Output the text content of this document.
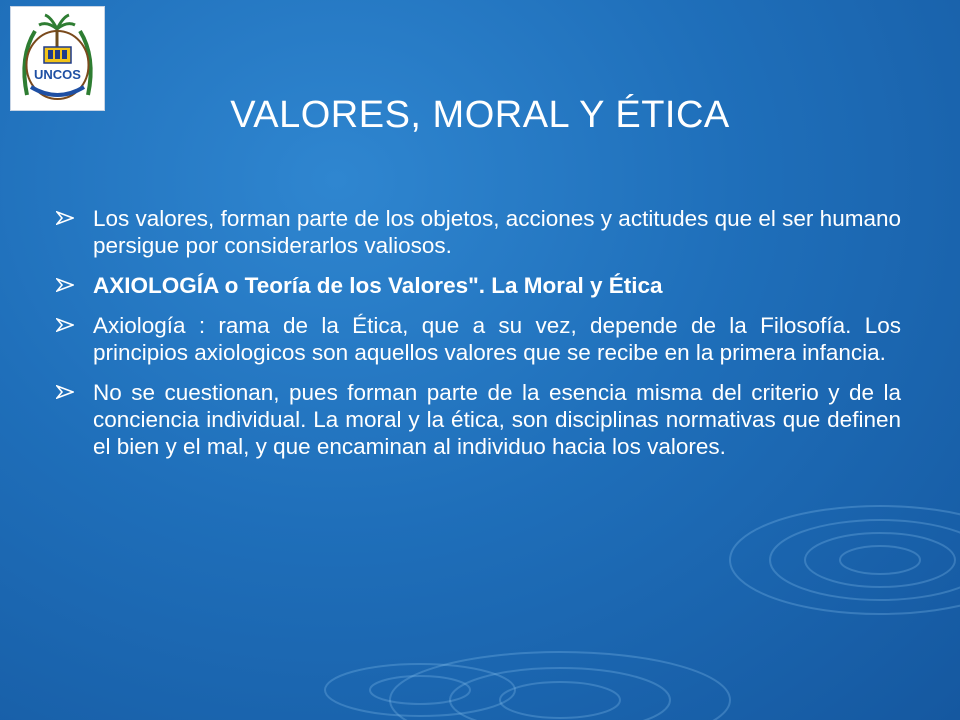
UNCOS
VALORES, MORAL Y ÉTICA
Los valores, forman parte de los objetos, acciones y actitudes que el ser humano persigue por considerarlos valiosos.
AXIOLOGÍA o Teoría de los Valores". La Moral y Ética
Axiología : rama de la Ética, que a su vez, depende de la Filosofía. Los principios axiologicos son aquellos valores que se recibe en la primera infancia.
No se cuestionan, pues forman parte de la esencia misma del criterio y de la conciencia individual. La moral y la ética, son disciplinas normativas que definen el bien y el mal, y que encaminan al individuo hacia los valores.
